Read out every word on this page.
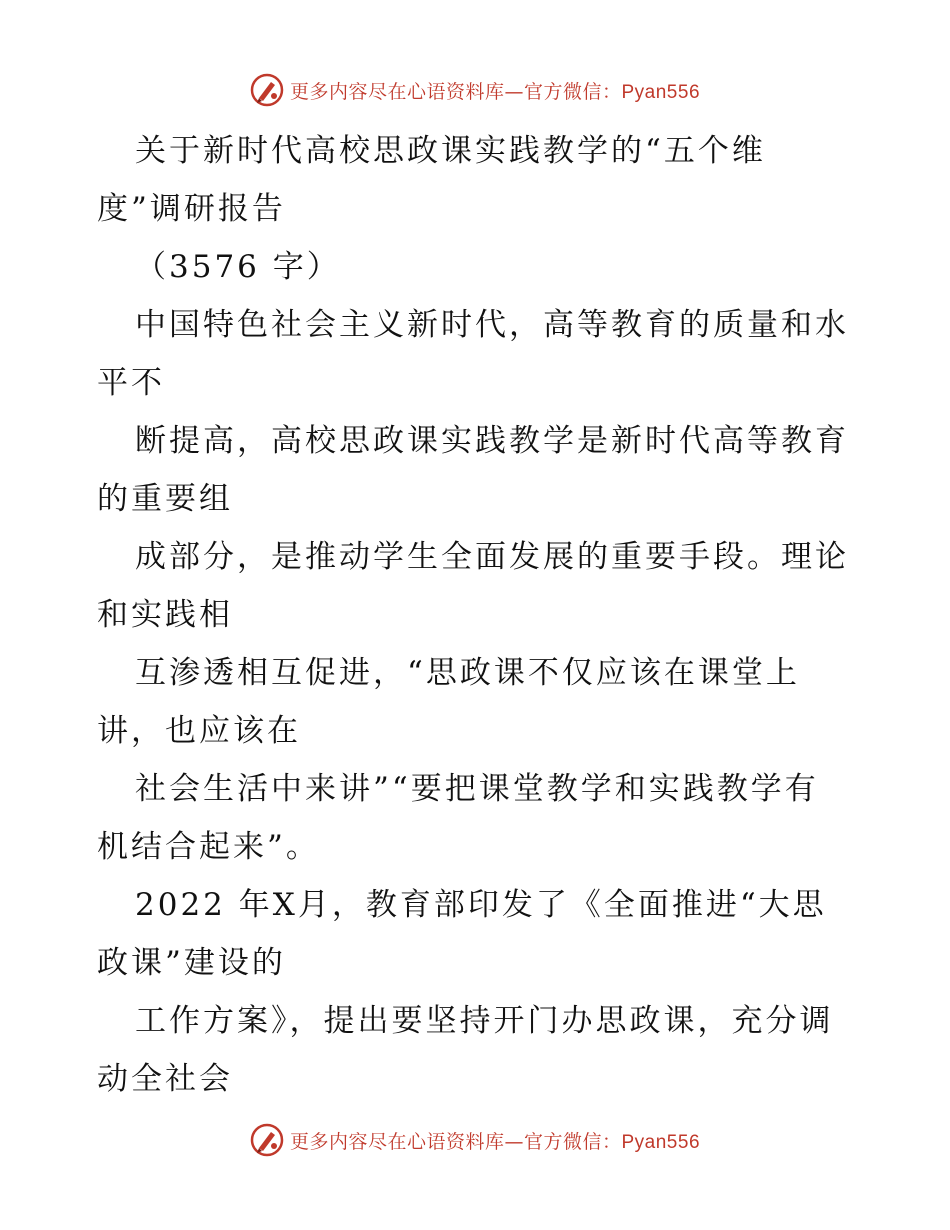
更多内容尽在心语资料库—官方微信：Pyan556
关于新时代高校思政课实践教学的“五个维
度”调研报告
（3576 字）
中国特色社会主义新时代，高等教育的质量和水
平不
断提高，高校思政课实践教学是新时代高等教育
的重要组
成部分，是推动学生全面发展的重要手段。理论
和实践相
互渗透相互促进，“思政课不仅应该在课堂上
讲，也应该在
社会生活中来讲”“要把课堂教学和实践教学有
机结合起来”。
2022 年X月，教育部印发了《全面推进“大思
政课”建设的
工作方案》，提出要坚持开门办思政课，充分调
动全社会
更多内容尽在心语资料库—官方微信：Pyan556
